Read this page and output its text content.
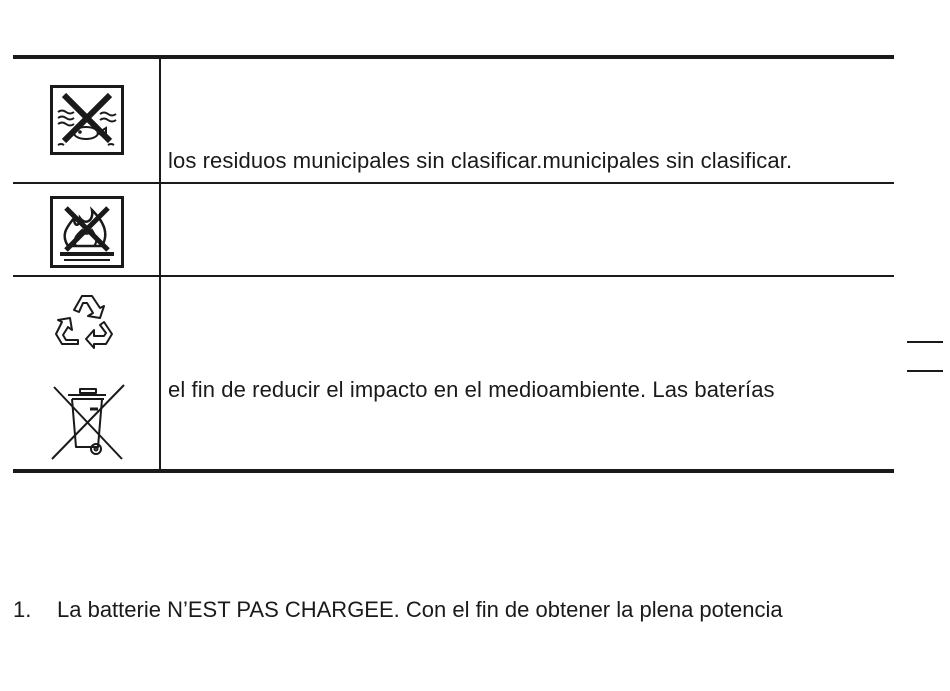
los residuos municipales sin clasificar.municipales sin clasificar.
el fin de reducir el impacto en el medioambiente. Las baterías
1. La batterie N’EST PAS CHARGEE. Con el fin de obtener la plena potencia
